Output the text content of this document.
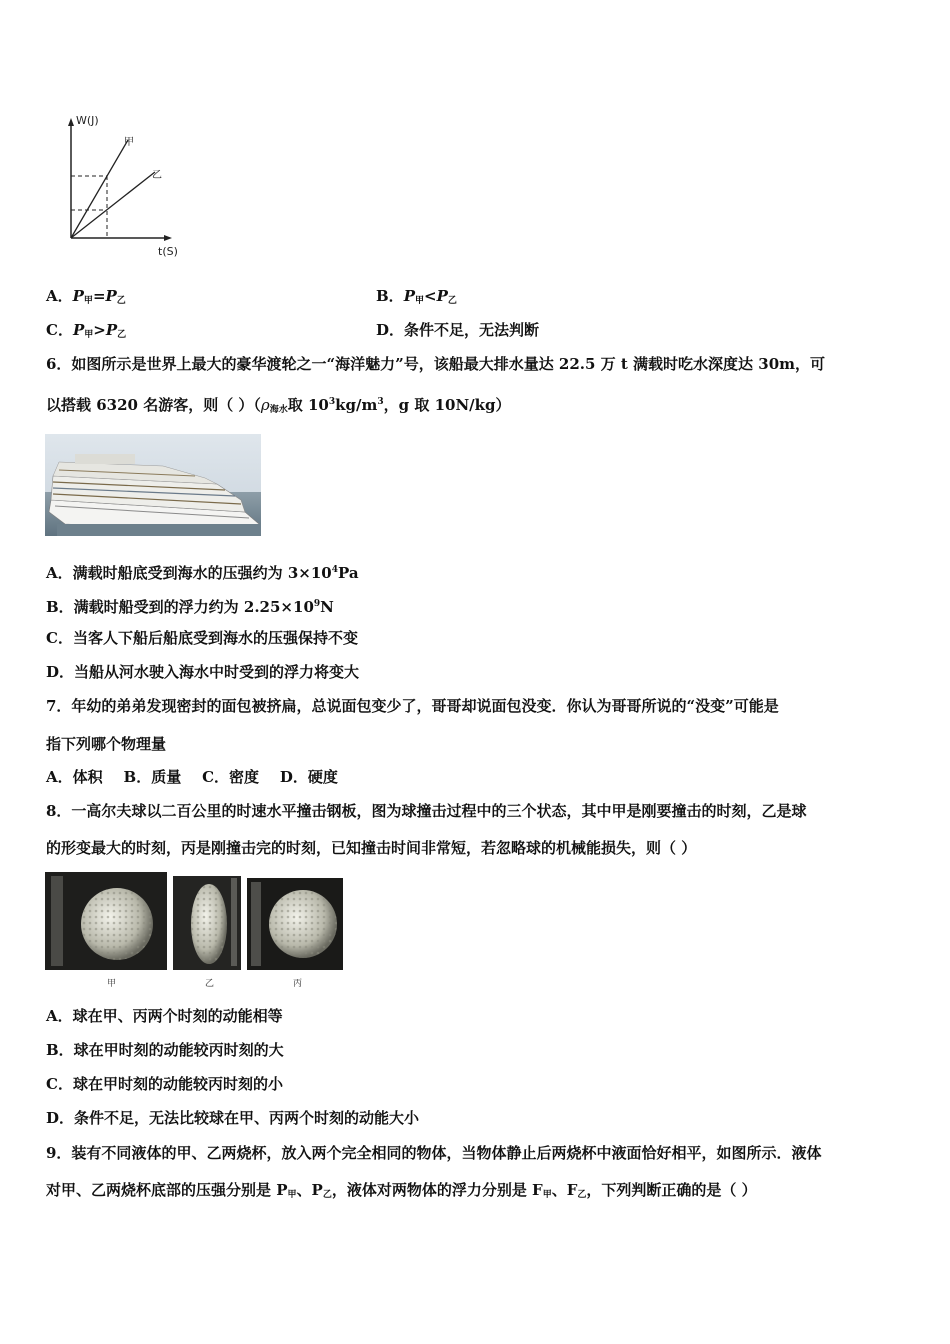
W(J)
t(S)
甲
乙
A．$P_甲=P_乙$	B．$P_甲<P_乙$
C．$P_甲>P_乙$	D．条件不足，无法判断
6．如图所示是世界上最大的豪华渡轮之一“海洋魅力”号，该船最大排水量达 22.5 万 t 满载时吃水深度达 30m，可
以搭载 6320 名游客，则（ ）（$\rho_{海水}$取 $10^3kg/m^3$，g 取 10N/kg）
A．满载时船底受到海水的压强约为 $3\times 10^4Pa$
B．满载时船受到的浮力约为 $2.25\times 10^9N$
C．当客人下船后船底受到海水的压强保持不变
D．当船从河水驶入海水中时受到的浮力将变大
7．年幼的弟弟发现密封的面包被挤扁，总说面包变少了，哥哥却说面包没变．你认为哥哥所说的“没变”可能是
指下列哪个物理量
A．体积    B．质量    C．密度    D．硬度
8．一高尔夫球以二百公里的时速水平撞击钢板，图为球撞击过程中的三个状态，其中甲是刚要撞击的时刻，乙是球
的形变最大的时刻，丙是刚撞击完的时刻，已知撞击时间非常短，若忽略球的机械能损失，则（ ）
甲	乙	丙
A．球在甲、丙两个时刻的动能相等
B．球在甲时刻的动能较丙时刻的大
C．球在甲时刻的动能较丙时刻的小
D．条件不足，无法比较球在甲、丙两个时刻的动能大小
9．装有不同液体的甲、乙两烧杯，放入两个完全相同的物体，当物体静止后两烧杯中液面恰好相平，如图所示．液体
对甲、乙两烧杯底部的压强分别是 $P_甲$、$P_乙$，液体对两物体的浮力分别是 $F_甲$、$F_乙$，下列判断正确的是（ ）
